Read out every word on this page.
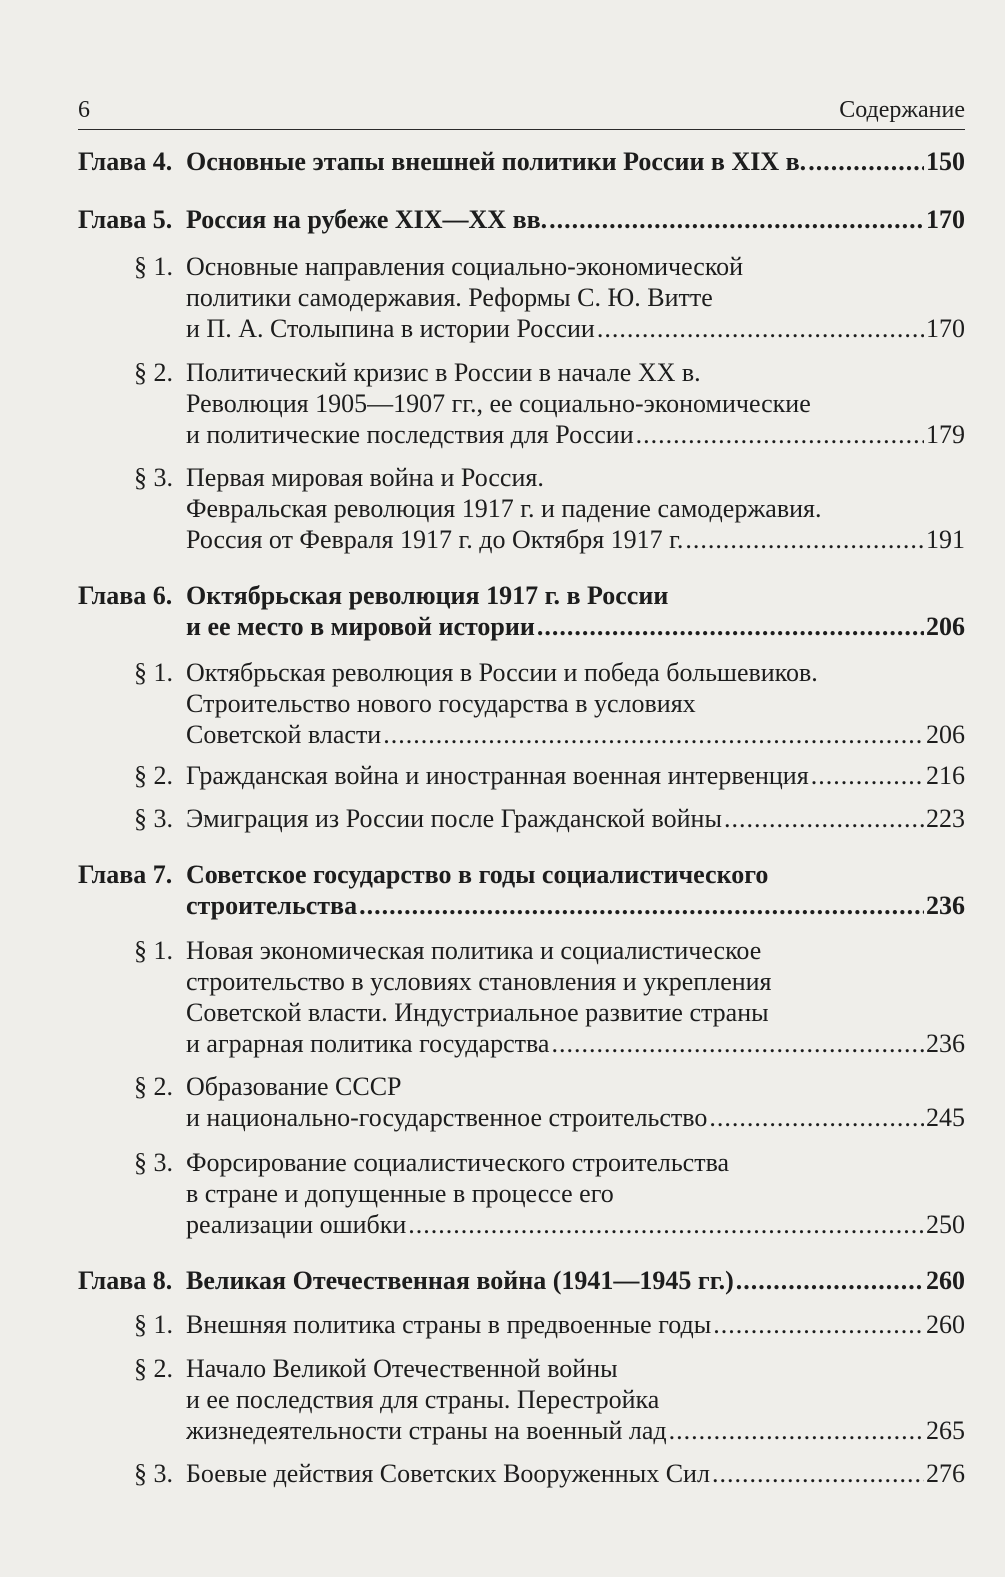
6	Содержание
Глава 4. Основные этапы внешней политики России в XIX в. .....	150
Глава 5. Россия на рубеже XIX—XX вв. .....	170
§ 1. Основные направления социально-экономической
политики самодержавия. Реформы С. Ю. Витте
и П. А. Столыпина в истории России .....	170
§ 2. Политический кризис в России в начале XX в.
Революция 1905—1907 гг., ее социально-экономические
и политические последствия для России .....	179
§ 3. Первая мировая война и Россия.
Февральская революция 1917 г. и падение самодержавия.
Россия от Февраля 1917 г. до Октября 1917 г. .....	191
Глава 6. Октябрьская революция 1917 г. в России
и ее место в мировой истории .....	206
§ 1. Октябрьская революция в России и победа большевиков.
Строительство нового государства в условиях
Советской власти .....	206
§ 2. Гражданская война и иностранная военная интервенция .....	216
§ 3. Эмиграция из России после Гражданской войны .....	223
Глава 7. Советское государство в годы социалистического
строительства .....	236
§ 1. Новая экономическая политика и социалистическое
строительство в условиях становления и укрепления
Советской власти. Индустриальное развитие страны
и аграрная политика государства .....	236
§ 2. Образование СССР
и национально-государственное строительство .....	245
§ 3. Форсирование социалистического строительства
в стране и допущенные в процессе его
реализации ошибки .....	250
Глава 8. Великая Отечественная война (1941—1945 гг.) .....	260
§ 1. Внешняя политика страны в предвоенные годы .....	260
§ 2. Начало Великой Отечественной войны
и ее последствия для страны. Перестройка
жизнедеятельности страны на военный лад .....	265
§ 3. Боевые действия Советских Вооруженных Сил .....	276
